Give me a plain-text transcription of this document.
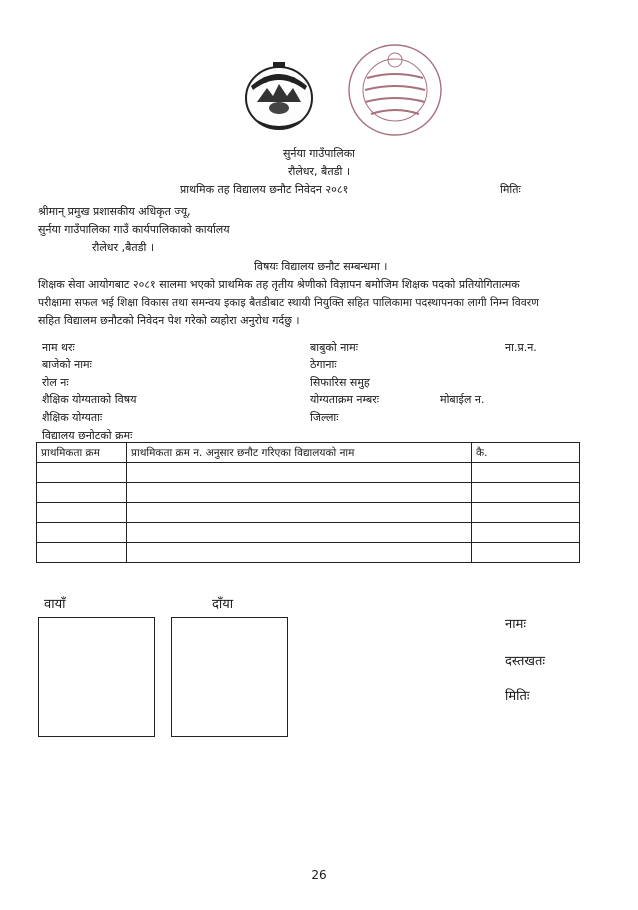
सुर्नया गाउँपालिका
रौलेधर, बैतडी ।
प्राथमिक तह विद्यालय छनौट निवेदन २०८१	मितिः
श्रीमान् प्रमुख प्रशासकीय अधिकृत ज्यू,
सुर्नया गाउँपालिका गाउँ कार्यपालिकाको कार्यालय
रौलेधर ,बैतडी ।
विषयः विद्यालय छनौट सम्बन्धमा ।
शिक्षक सेवा आयोगबाट २०८१ सालमा भएको प्राथमिक तह तृतीय श्रेणीको विज्ञापन बमोजिम शिक्षक पदको प्रतियोगितात्मक
परीक्षामा सफल भई शिक्षा विकास तथा समन्वय इकाइ बैतडीबाट स्थायी नियुक्ति सहित पालिकामा पदस्थापनका लागी निम्न विवरण
सहित विद्यालम छनौटको निवेदन पेश गरेको व्यहोरा अनुरोध गर्दछु ।
नाम थरः	बाबुको नामः	ना.प्र.न.
बाजेको नामः	ठेगानाः
रोल नः	सिफारिस समुह
शैक्षिक योग्यताको विषय	योग्यताक्रम नम्बरः	मोबाईल न.
शैक्षिक योग्यताः	जिल्लाः
विद्यालय छनोटको क्रमः
प्राथमिकता क्रम	प्राथमिकता क्रम न. अनुसार छनौट गरिएका विद्यालयको नाम	कै.

वायाँ	दाँया
नामः
दस्तखतः
मितिः
26
